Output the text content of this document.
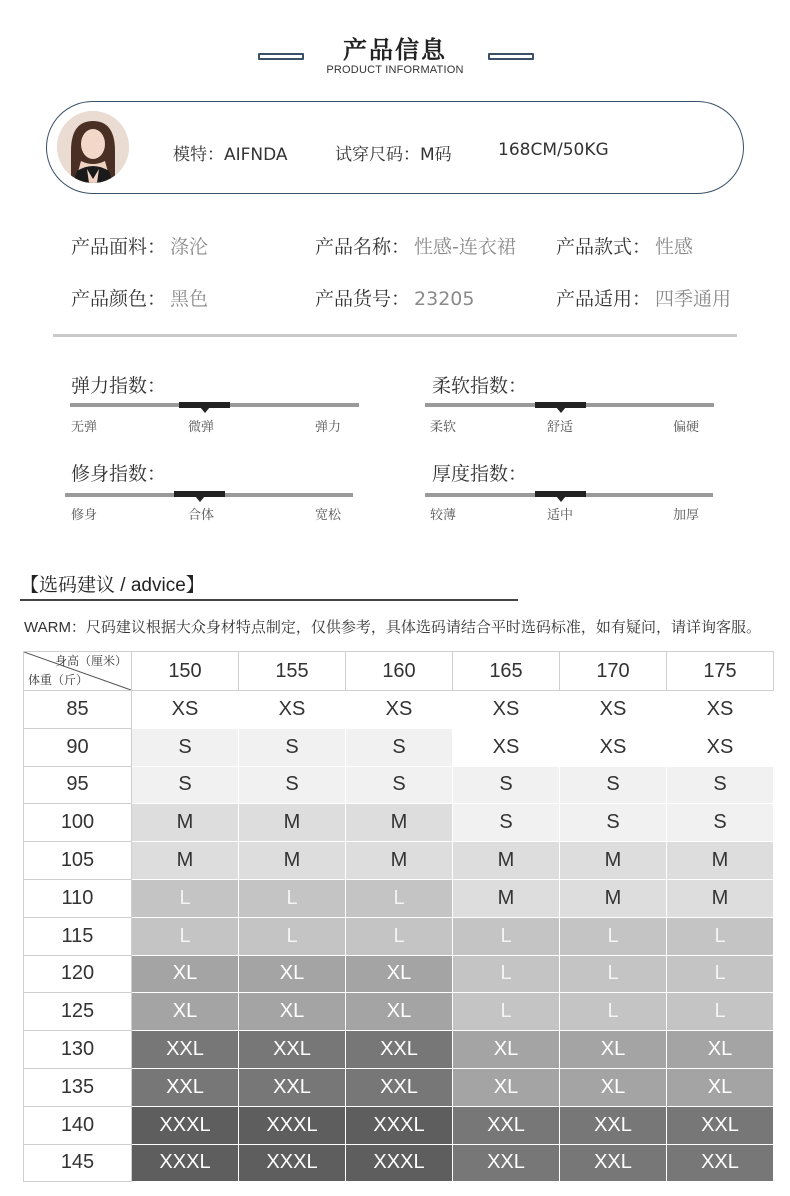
产品信息
PRODUCT INFORMATION
模特：AIFNDA	试穿尺码：M码	168CM/50KG
产品面料： 涤沦	产品名称： 性感-连衣裙 产品款式： 性感
产品颜色： 黑色	产品货号： 23205	产品适用： 四季通用
弹力指数：
无弹	微弹	弹力
柔软指数：
柔软	舒适	偏硬
修身指数：
修身	合体	宽松
厚度指数：
较薄	适中	加厚
【选码建议 / advice】
WARM：尺码建议根据大众身材特点制定，仅供参考，具体选码请结合平时选码标准，如有疑问，请详询客服。
身高（厘米）
体重（斤）	150	155	160	165	170	175
85	XS	XS	XS	XS	XS	XS
90	S	S	S	XS	XS	XS
95	S	S	S	S	S	S
100	M	M	M	S	S	S
105	M	M	M	M	M	M
110	L	L	L	M	M	M
115	L	L	L	L	L	L
120	XL	XL	XL	L	L	L
125	XL	XL	XL	L	L	L
130	XXL	XXL	XXL	XL	XL	XL
135	XXL	XXL	XXL	XL	XL	XL
140	XXXL	XXXL	XXXL	XXL	XXL	XXL
145	XXXL	XXXL	XXXL	XXL	XXL	XXL
